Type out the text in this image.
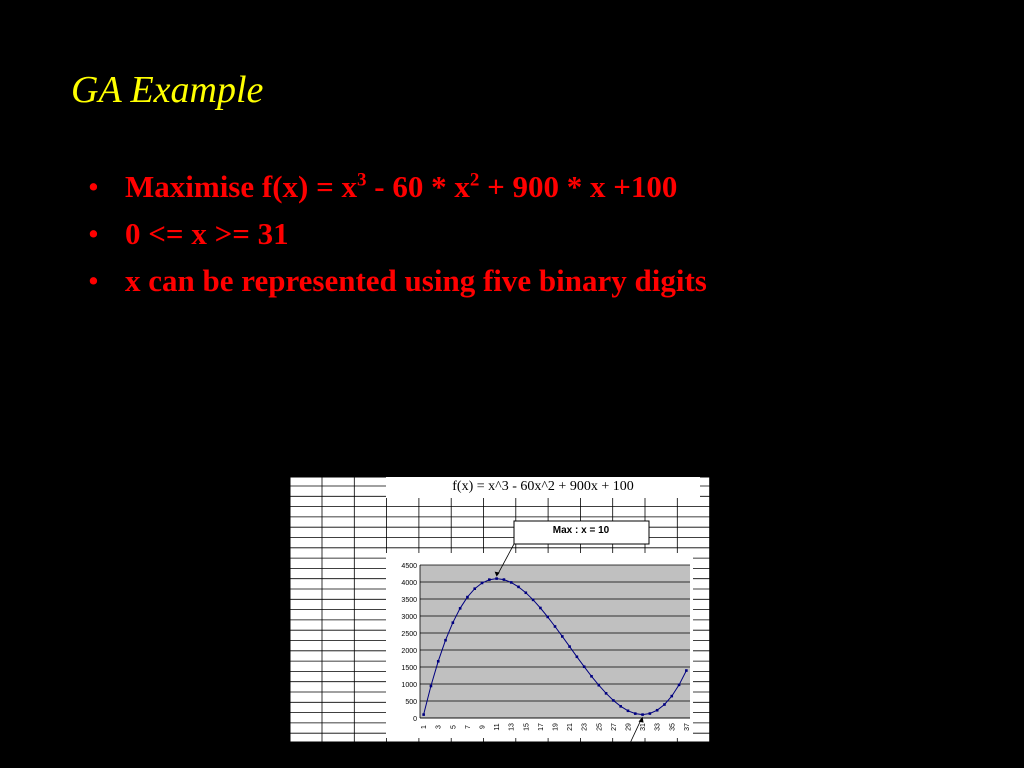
GA Example
• Maximise $f(x) = x^3 - 60 * x^2 + 900 * x +100$
• 0 <= x >= 31
• x can be represented using five binary digits
f(x) = x^3 - 60x^2 + 900x + 100
Max : x = 10
0
500
1000
1500
2000
2500
3000
3500
4000
4500
1 3 5 7 9 11 13 15 17 19 21 23 25 27 29 31 33 35 37
